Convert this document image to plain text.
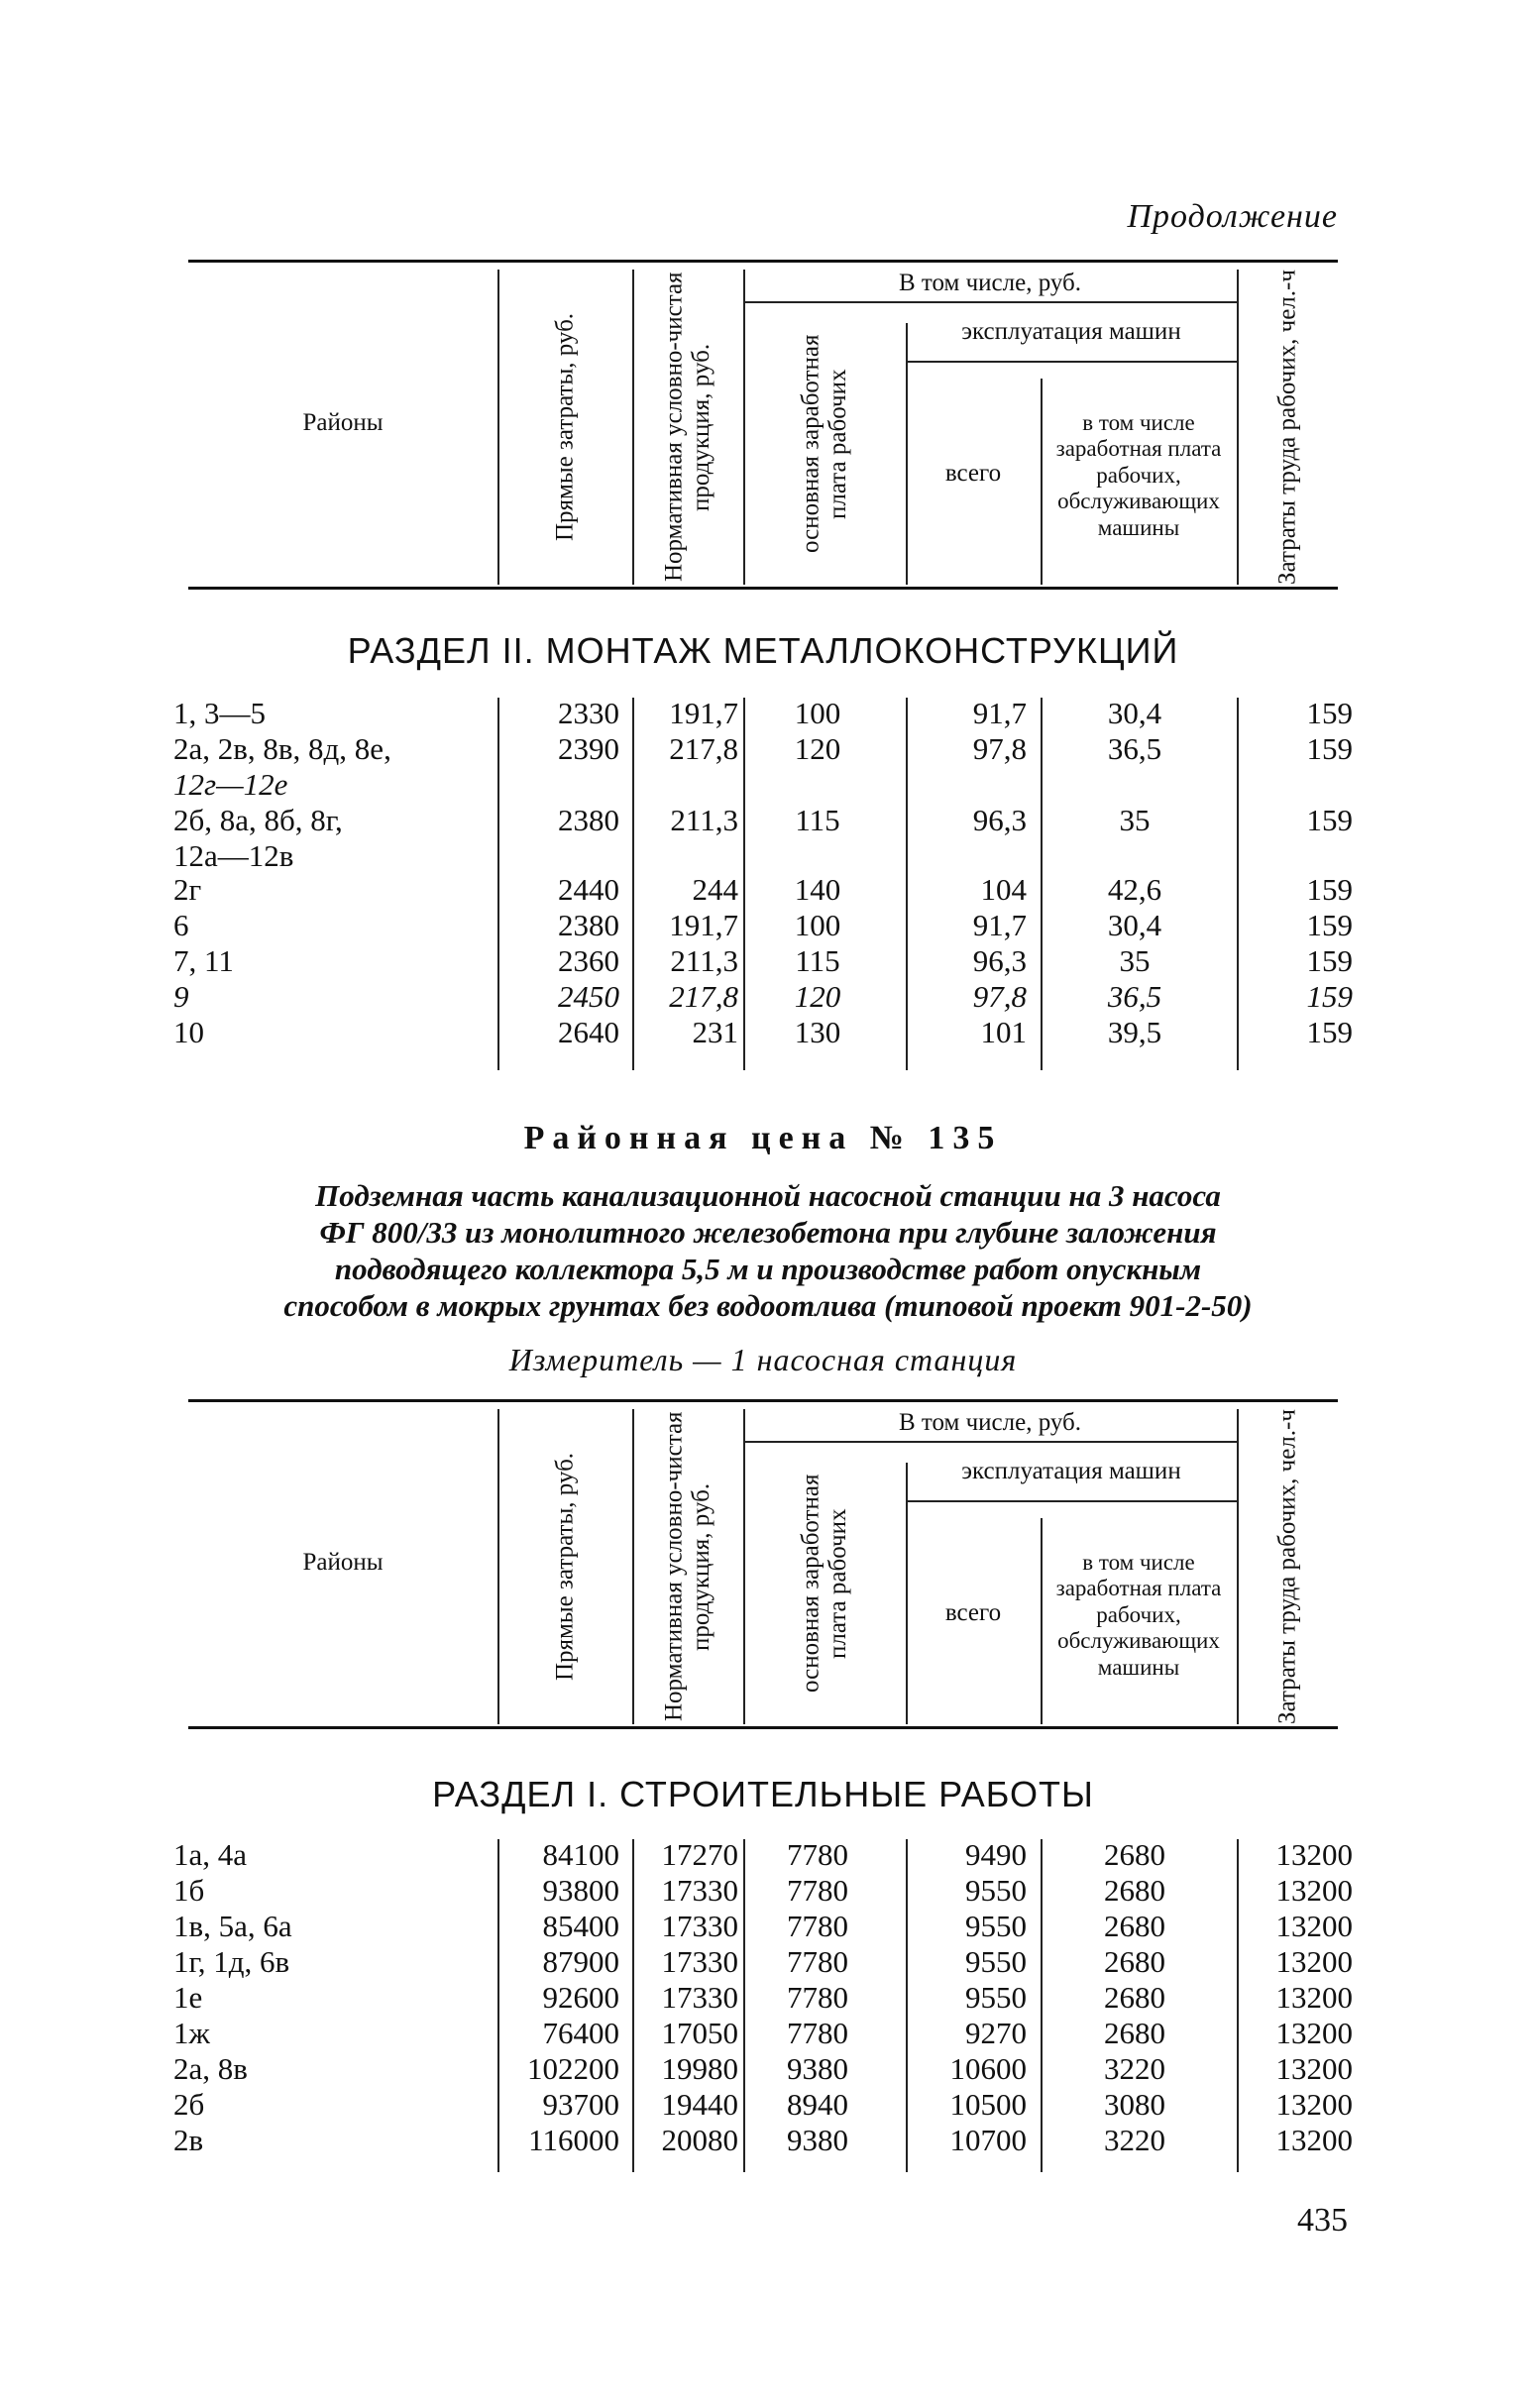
Продолжение
Районы	Прямые затраты, руб.	Нормативная условно-чистая продукция, руб.
В том числе, руб.
основная заработная плата рабочих
эксплуатация машин
всего
в том числе заработная плата рабочих, обслуживающих машины	Затраты труда рабочих, чел.-ч
РАЗДЕЛ II. МОНТАЖ МЕТАЛЛОКОНСТРУКЦИЙ
1, 3—5	2330	191,7	100	91,7	30,4	159
2а, 2в, 8в, 8д, 8е,	2390	217,8	120	97,8	36,5	159
12г—12е
2б, 8а, 8б, 8г,	2380	211,3	115	96,3	35	159
12а—12в
2г	2440	244	140	104	42,6	159
6	2380	191,7	100	91,7	30,4	159
7, 11	2360	211,3	115	96,3	35	159
9	2450	217,8	120	97,8	36,5	159
10	2640	231	130	101	39,5	159
Районная цена № 135
Подземная часть канализационной насосной станции на 3 насоса
ФГ 800/33 из монолитного железобетона при глубине заложения
подводящего коллектора 5,5 м и производстве работ опускным
способом в мокрых грунтах без водоотлива (типовой проект 901-2-50)
Измеритель — 1 насосная станция
Районы	Прямые затраты, руб.	Нормативная условно-чистая продукция, руб.
В том числе, руб.
основная заработная плата рабочих
эксплуатация машин
всего
в том числе заработная плата рабочих, обслуживающих машины	Затраты труда рабочих, чел.-ч
РАЗДЕЛ I. СТРОИТЕЛЬНЫЕ РАБОТЫ
1а, 4а	84100	17270	7780	9490	2680	13200
1б	93800	17330	7780	9550	2680	13200
1в, 5а, 6а	85400	17330	7780	9550	2680	13200
1г, 1д, 6в	87900	17330	7780	9550	2680	13200
1е	92600	17330	7780	9550	2680	13200
1ж	76400	17050	7780	9270	2680	13200
2а, 8в	102200	19980	9380	10600	3220	13200
2б	93700	19440	8940	10500	3080	13200
2в	116000	20080	9380	10700	3220	13200
435
